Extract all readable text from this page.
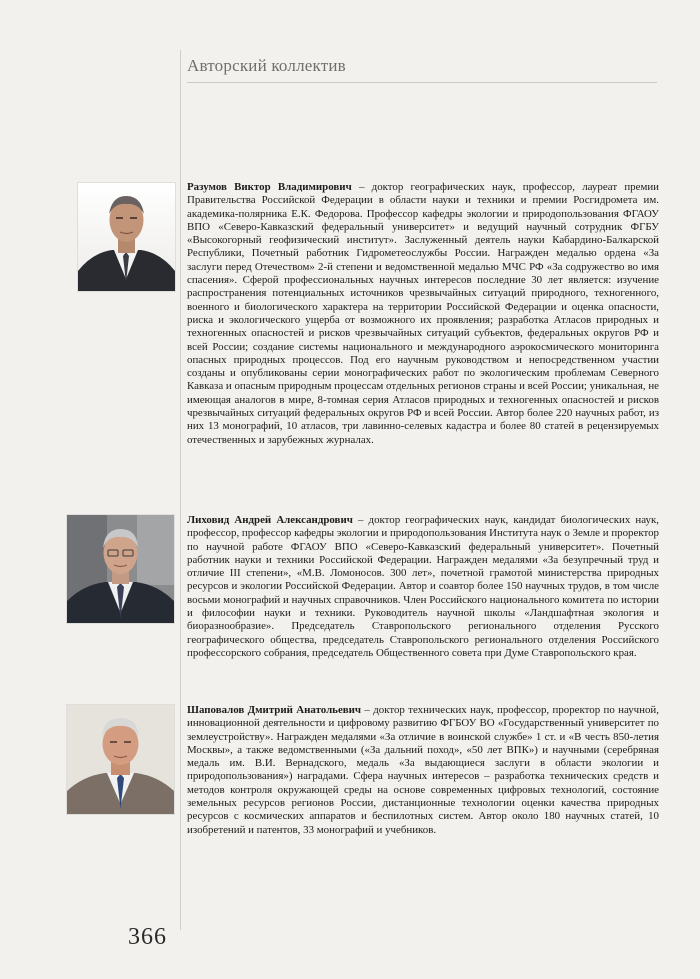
Авторский коллектив
Разумов Виктор Владимирович – доктор географических наук, профессор, лауреат премии Правительства Российской Федерации в области науки и техники и премии Росгидромета им. академика-полярника Е.К. Федорова. Профессор кафедры экологии и природопользования ФГАОУ ВПО «Северо-Кавказский федеральный университет» и ведущий научный сотрудник ФГБУ «Высокогорный геофизический институт». Заслуженный деятель науки Кабардино-Балкарской Республики, Почетный работник Гидрометеослужбы России. Награжден медалью ордена «За заслуги перед Отечеством» 2-й степени и ведомственной медалью МЧС РФ «За содружество во имя спасения». Сферой профессиональных научных интересов последние 30 лет является: изучение распространения потенциальных источников чрезвычайных ситуаций природного, техногенного, военного и биологического характера на территории Российской Федерации и оценка опасности, риска и экологического ущерба от возможного их проявления; разработка Атласов природных и техногенных опасностей и рисков чрезвычайных ситуаций субъектов, федеральных округов РФ и всей России; создание системы национального и международного аэрокосмического мониторинга опасных природных процессов. Под его научным руководством и непосредственном участии созданы и опубликованы серии монографических работ по экологическим проблемам Северного Кавказа и опасным природным процессам отдельных регионов страны и всей России; уникальная, не имеющая аналогов в мире, 8-томная серия Атласов природных и техногенных опасностей и рисков чрезвычайных ситуаций федеральных округов РФ и всей России. Автор более 220 научных работ, из них 13 монографий, 10 атласов, три лавинно-селевых кадастра и более 80 статей в рецензируемых отечественных и зарубежных журналах.
Лиховид Андрей Александрович – доктор географических наук, кандидат биологических наук, профессор, профессор кафедры экологии и природопользования Института наук о Земле и проректор по научной работе ФГАОУ ВПО «Северо-Кавказский федеральный университет». Почетный работник науки и техники Российской Федерации. Награжден медалями «За безупречный труд и отличие III степени», «М.В. Ломоносов. 300 лет», почетной грамотой министерства природных ресурсов и экологии Российской Федерации. Автор и соавтор более 150 научных трудов, в том числе восьми монографий и научных справочников. Член Российского национального комитета по истории и философии науки и техники. Руководитель научной школы «Ландшафтная экология и биоразнообразие». Председатель Ставропольского регионального отделения Русского географического общества, председатель Ставропольского регионального отделения Российского профессорского собрания, председатель Общественного совета при Думе Ставропольского края.
Шаповалов Дмитрий Анатольевич – доктор технических наук, профессор, проректор по научной, инновационной деятельности и цифровому развитию ФГБОУ ВО «Государственный университет по землеустройству». Награжден медалями «За отличие в воинской службе» 1 ст. и «В честь 850-летия Москвы», а также ведомственными («За дальний поход», «50 лет ВПК») и научными (серебряная медаль им. В.И. Вернадского, медаль «За выдающиеся заслуги в области экологии и природопользования») наградами. Сфера научных интересов – разработка технических средств и методов контроля окружающей среды на основе современных цифровых технологий, состояние земельных ресурсов регионов России, дистанционные технологии оценки качества природных ресурсов с космических аппаратов и беспилотных систем. Автор около 180 научных статей, 10 изобретений и патентов, 33 монографий и учебников.
366
